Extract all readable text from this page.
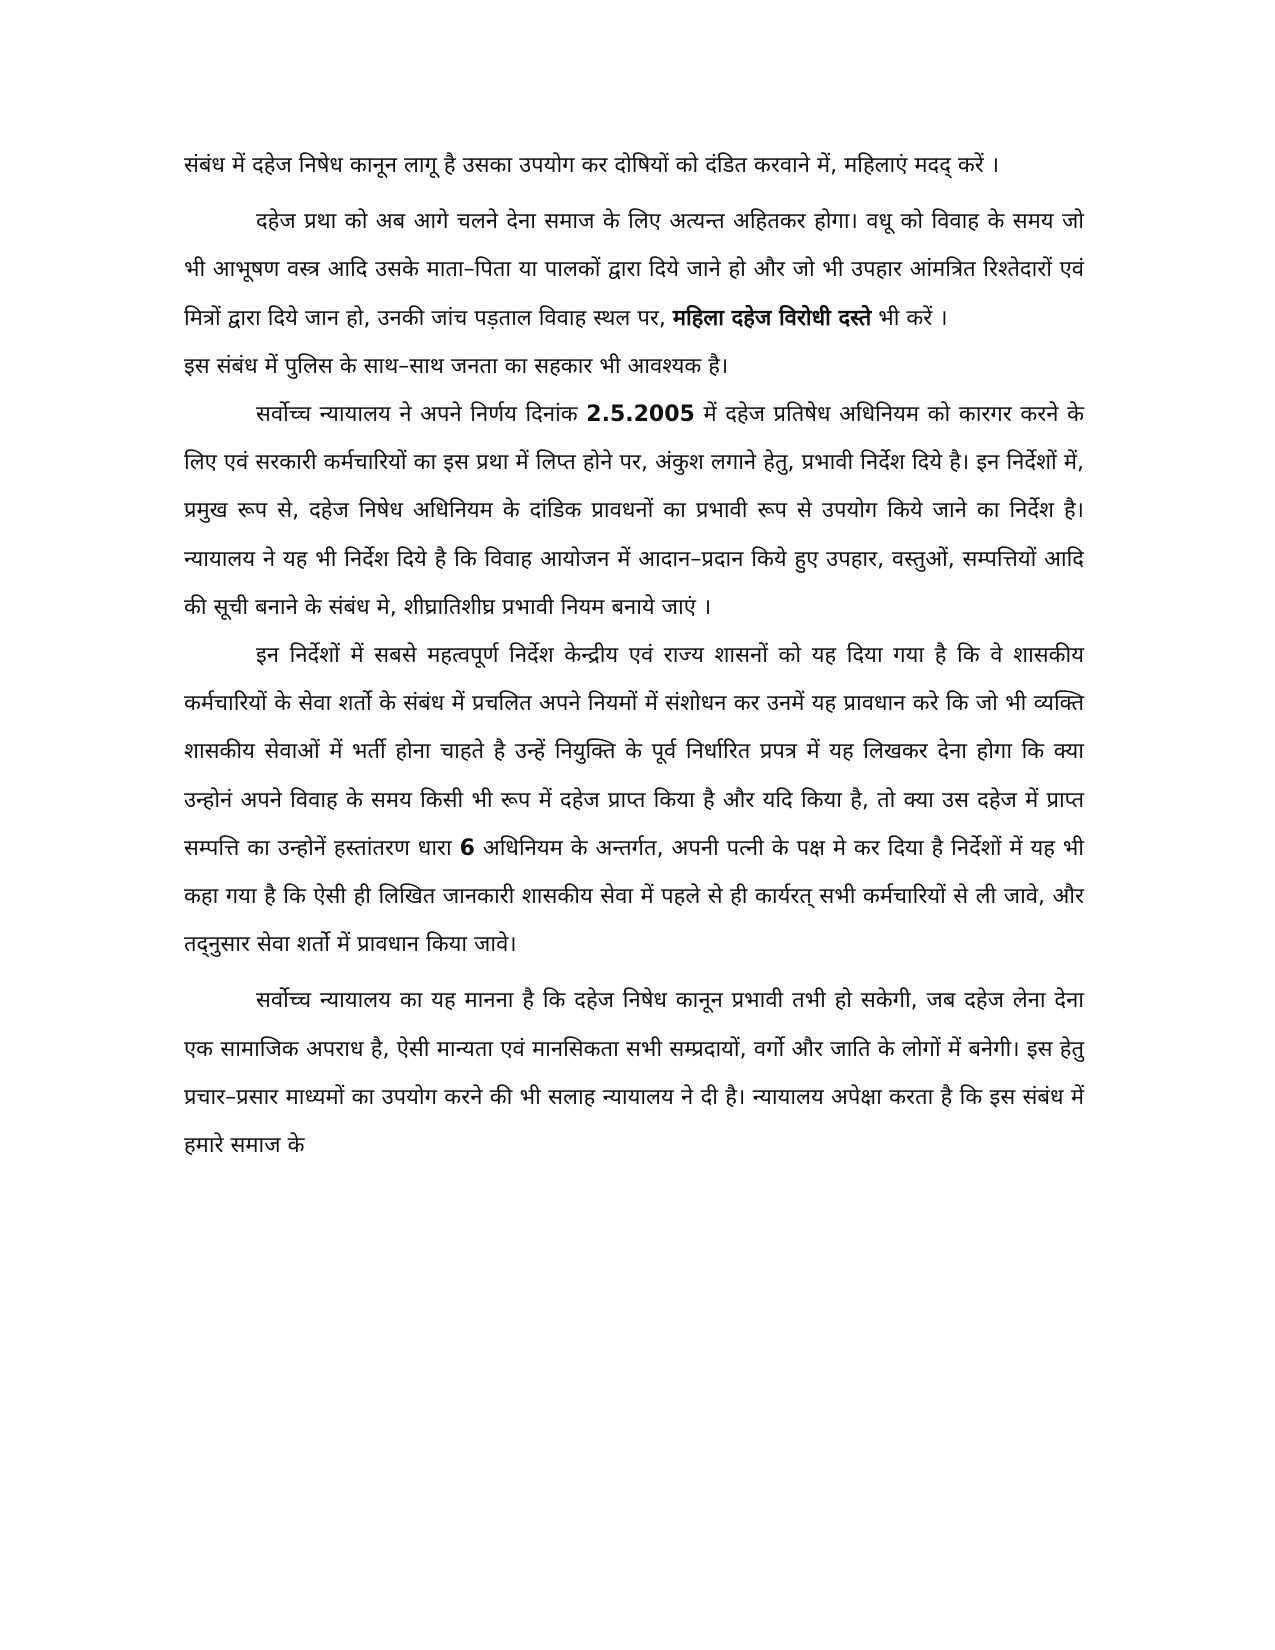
संबंध में दहेज निषेध कानून लागू है उसका उपयोग कर दोषियों को दंडित करवाने में, महिलाएं मदद् करें ।

दहेज प्रथा को अब आगे चलने देना समाज के लिए अत्यन्त अहितकर होगा। वधू को विवाह के समय जो भी आभूषण वस्त्र आदि उसके माता–पिता या पालकों द्वारा दिये जाने हो और जो भी उपहार आंमत्रित रिश्तेदारों एवं मित्रों द्वारा दिये जान हो, उनकी जांच पड़ताल विवाह स्थल पर, महिला दहेज विरोधी दस्ते भी करें ।

इस संबंध में पुलिस के साथ–साथ जनता का सहकार भी आवश्यक है।

सर्वोच्च न्यायालय ने अपने निर्णय दिनांक 2.5.2005 में दहेज प्रतिषेध अधिनियम को कारगर करने के लिए एवं सरकारी कर्मचारियों का इस प्रथा में लिप्त होने पर, अंकुश लगाने हेतु, प्रभावी निर्देश दिये है। इन निर्देशों में, प्रमुख रूप से, दहेज निषेध अधिनियम के दांडिक प्रावधनों का प्रभावी रूप से उपयोग किये जाने का निर्देश है। न्यायालय ने यह भी निर्देश दिये है कि विवाह आयोजन में आदान–प्रदान किये हुए उपहार, वस्तुओं, सम्पत्तियों आदि की सूची बनाने के संबंध मे, शीघ्रातिशीघ्र प्रभावी नियम बनाये जाएं ।

इन निर्देशों में सबसे महत्वपूर्ण निर्देश केन्द्रीय एवं राज्य शासनों को यह दिया गया है कि वे शासकीय कर्मचारियों के सेवा शर्तो के संबंध में प्रचलित अपने नियमों में संशोधन कर उनमें यह प्रावधान करे कि जो भी व्यक्ति शासकीय सेवाओं में भर्ती होना चाहते है उन्हें नियुक्ति के पूर्व निर्धारित प्रपत्र में यह लिखकर देना होगा कि क्या उन्होनं अपने विवाह के समय किसी भी रूप में दहेज प्राप्त किया है और यदि किया है, तो क्या उस दहेज में प्राप्त सम्पत्ति का उन्होनें हस्तांतरण धारा 6 अधिनियम के अन्तर्गत, अपनी पत्नी के पक्ष मे कर दिया है निर्देशों में यह भी कहा गया है कि ऐसी ही लिखित जानकारी शासकीय सेवा में पहले से ही कार्यरत् सभी कर्मचारियों से ली जावे, और तद्नुसार सेवा शर्तो में प्रावधान किया जावे।

सर्वोच्च न्यायालय का यह मानना है कि दहेज निषेध कानून प्रभावी तभी हो सकेगी, जब दहेज लेना देना एक सामाजिक अपराध है, ऐसी मान्यता एवं मानसिकता सभी सम्प्रदायों, वर्गो और जाति के लोगों में बनेगी। इस हेतु प्रचार–प्रसार माध्यमों का उपयोग करने की भी सलाह न्यायालय ने दी है। न्यायालय अपेक्षा करता है कि इस संबंध में हमारे समाज के
